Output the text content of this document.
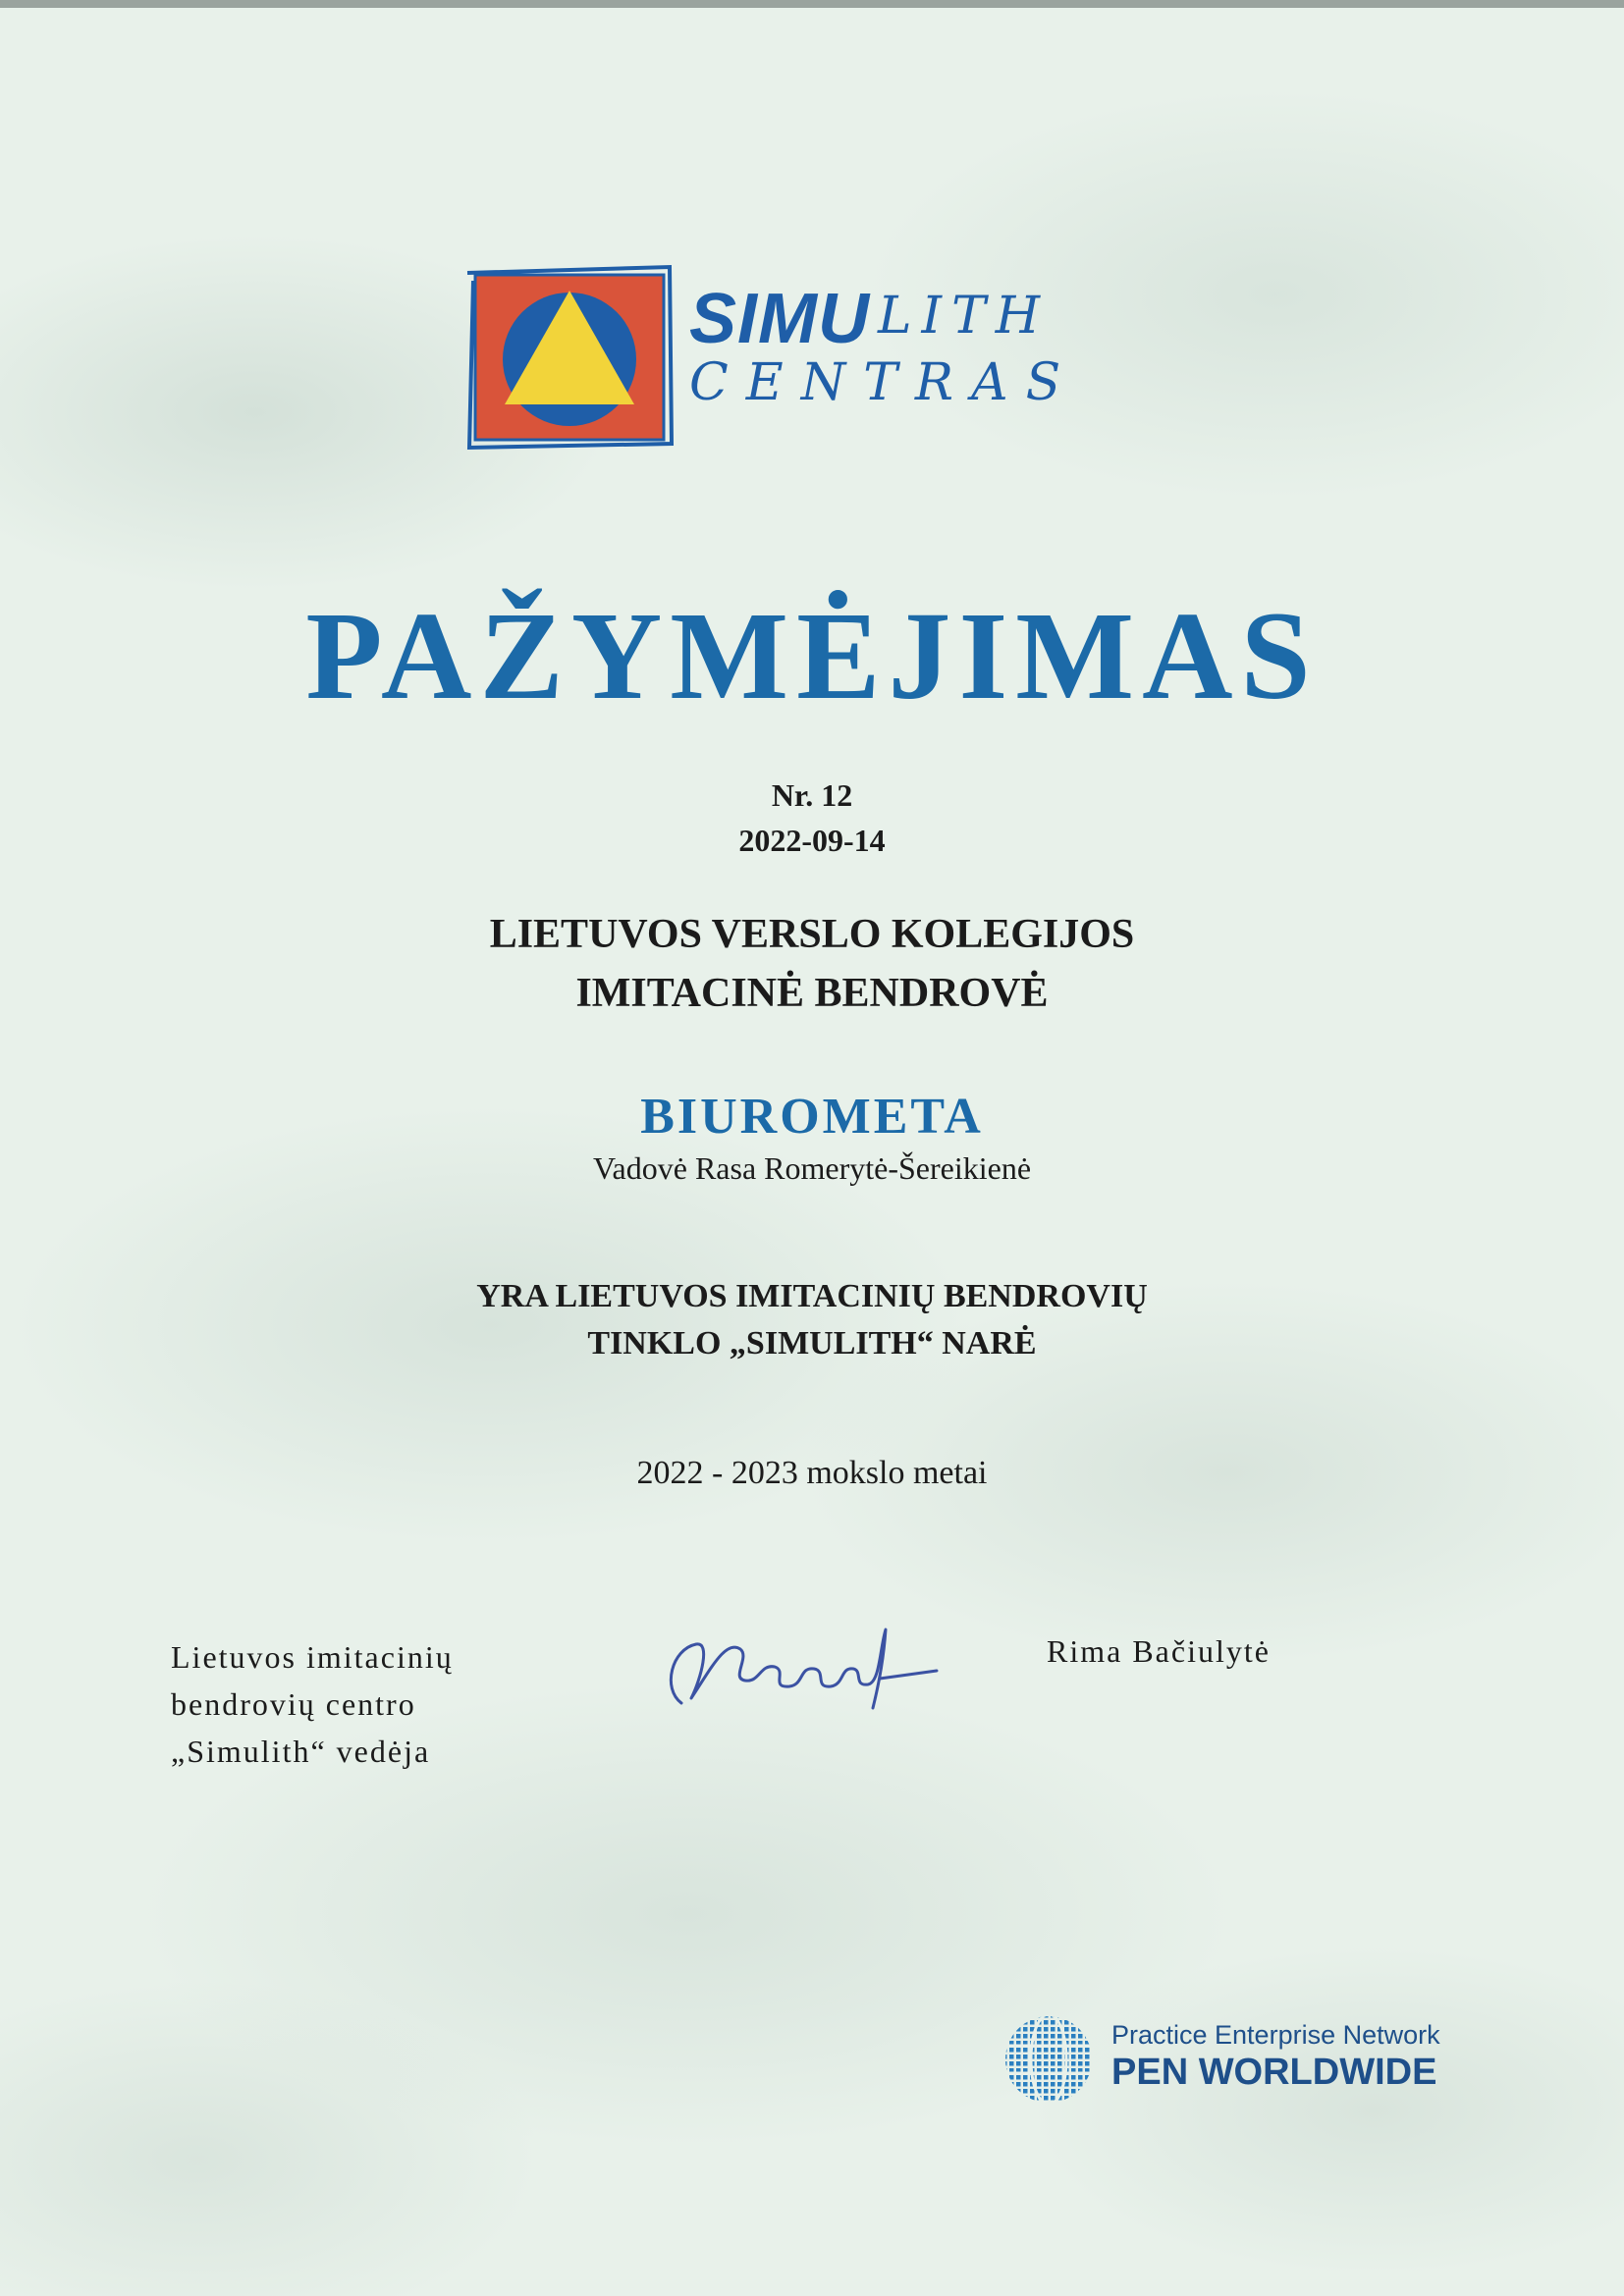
SIMU LITH
CENTRAS
PAŽYMĖJIMAS
Nr. 12
2022-09-14
LIETUVOS VERSLO KOLEGIJOS
IMITACINĖ BENDROVĖ
BIUROMETA
Vadovė Rasa Romerytė-Šereikienė
YRA LIETUVOS IMITACINIŲ BENDROVIŲ
TINKLO „SIMULITH“ NARĖ
2022 - 2023 mokslo metai
Lietuvos imitacinių
bendrovių centro
„Simulith“ vedėja
Rima Bačiulytė
Practice Enterprise Network
PEN WORLDWIDE
